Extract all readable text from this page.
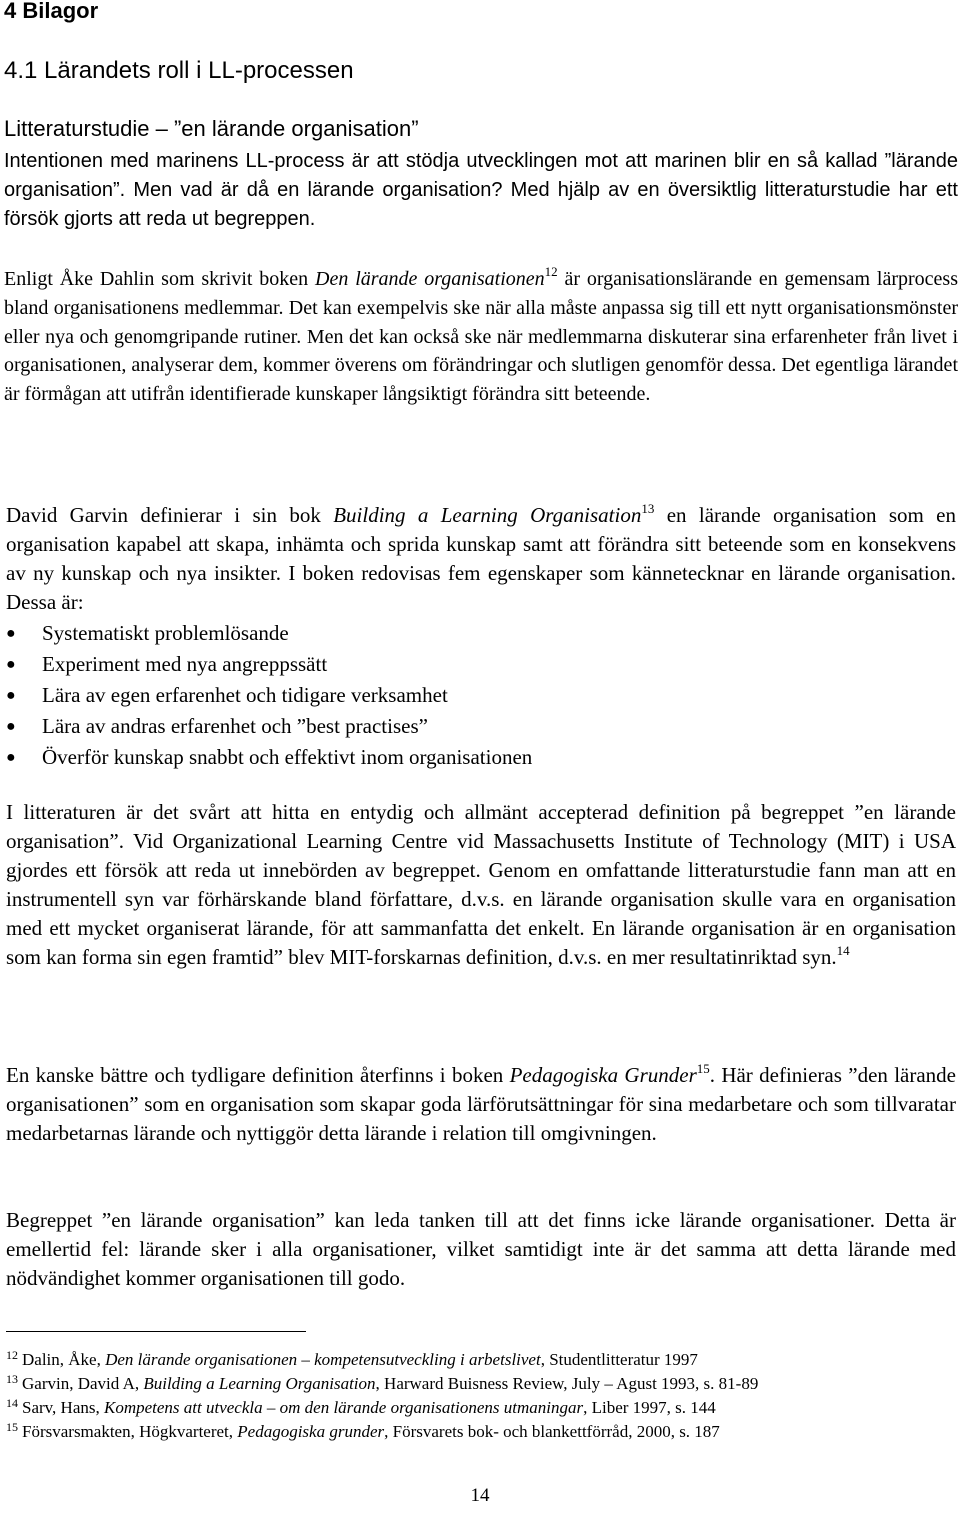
4 Bilagor
4.1 Lärandets roll i LL-processen
Litteraturstudie – ”en lärande organisation”

Intentionen med marinens LL-process är att stödja utvecklingen mot att marinen blir en så kallad ”lärande organisation”. Men vad är då en lärande organisation? Med hjälp av en översiktlig litteraturstudie har ett försök gjorts att reda ut begreppen.

Enligt Åke Dahlin som skrivit boken Den lärande organisationen$^{12}$ är organisationslärande en gemensam lärprocess bland organisationens medlemmar. Det kan exempelvis ske när alla måste anpassa sig till ett nytt organisationsmönster eller nya och genomgripande rutiner. Men det kan också ske när medlemmarna diskuterar sina erfarenheter från livet i organisationen, analyserar dem, kommer överens om förändringar och slutligen genomför dessa. Det egentliga lärandet är förmågan att utifrån identifierade kunskaper långsiktigt förändra sitt beteende.

David Garvin definierar i sin bok Building a Learning Organisation$^{13}$ en lärande organisation som en organisation kapabel att skapa, inhämta och sprida kunskap samt att förändra sitt beteende som en konsekvens av ny kunskap och nya insikter. I boken redovisas fem egenskaper som kännetecknar en lärande organisation. Dessa är:

● Systematiskt problemlösande
● Experiment med nya angreppssätt
● Lära av egen erfarenhet och tidigare verksamhet
● Lära av andras erfarenhet och ”best practises”
● Överför kunskap snabbt och effektivt inom organisationen

I litteraturen är det svårt att hitta en entydig och allmänt accepterad definition på begreppet ”en lärande organisation”. Vid Organizational Learning Centre vid Massachusetts Institute of Technology (MIT) i USA gjordes ett försök att reda ut innebörden av begreppet. Genom en omfattande litteraturstudie fann man att en instrumentell syn var förhärskande bland författare, d.v.s. en lärande organisation skulle vara en organisation med ett mycket organiserat lärande, för att sammanfatta det enkelt. En lärande organisation är en organisation som kan forma sin egen framtid” blev MIT-forskarnas definition, d.v.s. en mer resultatinriktad syn.$^{14}$

En kanske bättre och tydligare definition återfinns i boken Pedagogiska Grunder$^{15}$. Här definieras ”den lärande organisationen” som en organisation som skapar goda lärförutsättningar för sina medarbetare och som tillvaratar medarbetarnas lärande och nyttiggör detta lärande i relation till omgivningen.

Begreppet ”en lärande organisation” kan leda tanken till att det finns icke lärande organisationer. Detta är emellertid fel: lärande sker i alla organisationer, vilket samtidigt inte är det samma att detta lärande med nödvändighet kommer organisationen till godo.

$^{12}$ Dalin, Åke, Den lärande organisationen – kompetensutveckling i arbetslivet, Studentlitteratur 1997
$^{13}$ Garvin, David A, Building a Learning Organisation, Harward Buisness Review, July – Agust 1993, s. 81-89
$^{14}$ Sarv, Hans, Kompetens att utveckla – om den lärande organisationens utmaningar, Liber 1997, s. 144
$^{15}$ Försvarsmakten, Högkvarteret, Pedagogiska grunder, Försvarets bok- och blankettförråd, 2000, s. 187
14
